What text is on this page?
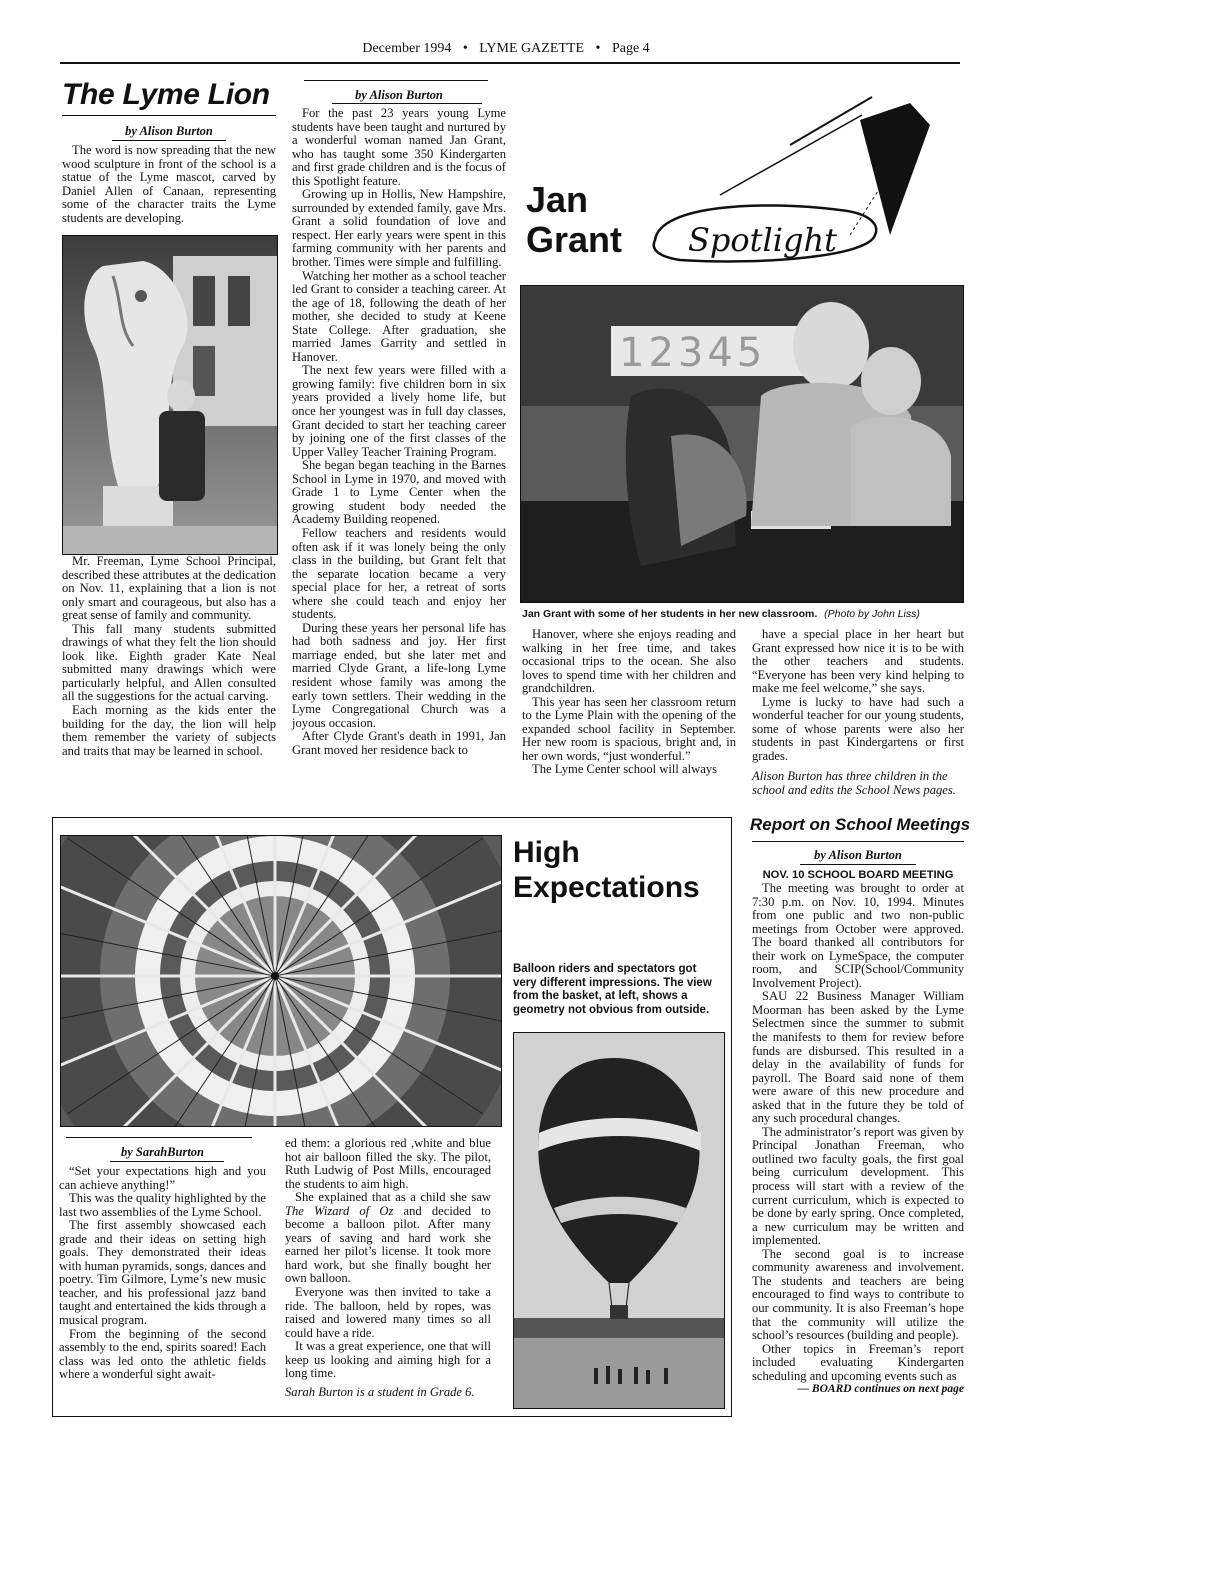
December 1994 • LYME GAZETTE • Page 4
The Lyme Lion
by Alison Burton

The word is now spreading that the new wood sculpture in front of the school is a statue of the Lyme mascot, carved by Daniel Allen of Canaan, representing some of the character traits the Lyme students are developing.

Mr. Freeman, Lyme School Principal, described these attributes at the dedication on Nov. 11, explaining that a lion is not only smart and courageous, but also has a great sense of family and community.

This fall many students submitted drawings of what they felt the lion should look like. Eighth grader Kate Neal submitted many drawings which were particularly helpful, and Allen consulted all the suggestions for the actual carving.

Each morning as the kids enter the building for the day, the lion will help them remember the variety of subjects and traits that may be learned in school.

by Alison Burton

For the past 23 years young Lyme students have been taught and nurtured by a wonderful woman named Jan Grant, who has taught some 350 Kindergarten and first grade children and is the focus of this Spotlight feature.

Growing up in Hollis, New Hampshire, surrounded by extended family, gave Mrs. Grant a solid foundation of love and respect. Her early years were spent in this farming community with her parents and brother. Times were simple and fulfilling.

Watching her mother as a school teacher led Grant to consider a teaching career. At the age of 18, following the death of her mother, she decided to study at Keene State College. After graduation, she married James Garrity and settled in Hanover.

The next few years were filled with a growing family: five children born in six years provided a lively home life, but once her youngest was in full day classes, Grant decided to start her teaching career by joining one of the first classes of the Upper Valley Teacher Training Program.

She began began teaching in the Barnes School in Lyme in 1970, and moved with Grade 1 to Lyme Center when the growing student body needed the Academy Building reopened.

Fellow teachers and residents would often ask if it was lonely being the only class in the building, but Grant felt that the separate location became a very special place for her, a retreat of sorts where she could teach and enjoy her students.

During these years her personal life has had both sadness and joy. Her first marriage ended, but she later met and married Clyde Grant, a life-long Lyme resident whose family was among the early town settlers. Their wedding in the Lyme Congregational Church was a joyous occasion.

After Clyde Grant's death in 1991, Jan Grant moved her residence back to

Jan
Grant Spotlight
12345
Jan Grant with some of her students in her new classroom. (Photo by John Liss)

Hanover, where she enjoys reading and walking in her free time, and takes occasional trips to the ocean. She also loves to spend time with her children and grandchildren.

This year has seen her classroom return to the Lyme Plain with the opening of the expanded school facility in September. Her new room is spacious, bright and, in her own words, “just wonderful.”

The Lyme Center school will always

have a special place in her heart but Grant expressed how nice it is to be with the other teachers and students. “Everyone has been very kind helping to make me feel welcome,” she says.

Lyme is lucky to have had such a wonderful teacher for our young students, some of whose parents were also her students in past Kindergartens or first grades.

Alison Burton has three children in the school and edits the School News pages.

High
Expectations
Balloon riders and spectators got very different impressions. The view from the basket, at left, shows a geometry not obvious from outside.
by SarahBurton

“Set your expectations high and you can achieve anything!”

This was the quality highlighted by the last two assemblies of the Lyme School.

The first assembly showcased each grade and their ideas on setting high goals. They demonstrated their ideas with human pyramids, songs, dances and poetry. Tim Gilmore, Lyme’s new music teacher, and his professional jazz band taught and entertained the kids through a musical program.

From the beginning of the second assembly to the end, spirits soared! Each class was led onto the athletic fields where a wonderful sight await-

ed them: a glorious red ,white and blue hot air balloon filled the sky. The pilot, Ruth Ludwig of Post Mills, encouraged the students to aim high.

She explained that as a child she saw The Wizard of Oz and decided to become a balloon pilot. After many years of saving and hard work she earned her pilot’s license. It took more hard work, but she finally bought her own balloon.

Everyone was then invited to take a ride. The balloon, held by ropes, was raised and lowered many times so all could have a ride.

It was a great experience, one that will keep us looking and aiming high for a long time.

Sarah Burton is a student in Grade 6.

Report on School Meetings
by Alison Burton
NOV. 10 SCHOOL BOARD MEETING

The meeting was brought to order at 7:30 p.m. on Nov. 10, 1994. Minutes from one public and two non-public meetings from October were approved. The board thanked all contributors for their work on LymeSpace, the computer room, and SCIP(School/Community Involvement Project).

SAU 22 Business Manager William Moorman has been asked by the Lyme Selectmen since the summer to submit the manifests to them for review before funds are disbursed. This resulted in a delay in the availability of funds for payroll. The Board said none of them were aware of this new procedure and asked that in the future they be told of any such procedural changes.

The administrator’s report was given by Principal Jonathan Freeman, who outlined two faculty goals, the first goal being curriculum development. This process will start with a review of the current curriculum, which is expected to be done by early spring. Once completed, a new curriculum may be written and implemented.

The second goal is to increase community awareness and involvement. The students and teachers are being encouraged to find ways to contribute to our community. It is also Freeman’s hope that the community will utilize the school’s resources (building and people).

Other topics in Freeman’s report included evaluating Kindergarten scheduling and upcoming events such as

— BOARD continues on next page
